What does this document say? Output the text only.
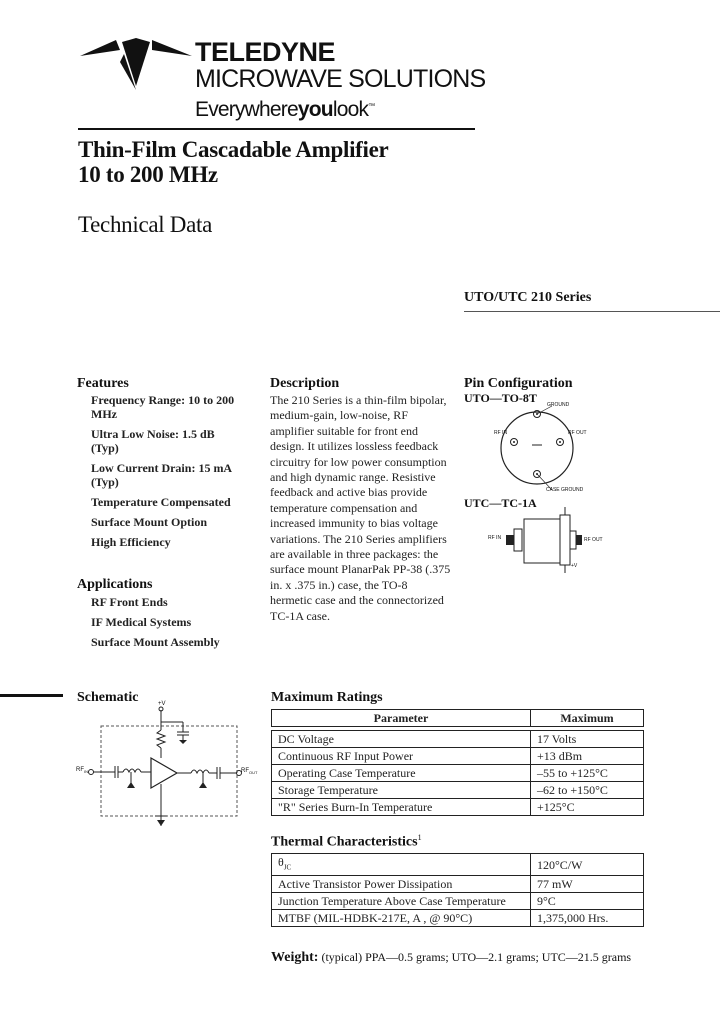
TELEDYNE
MICROWAVE SOLUTIONS
Everywhereyoulook™
Thin-Film Cascadable Amplifier
10 to 200 MHz
Technical Data
UTO/UTC 210 Series
Features
Frequency Range: 10 to 200 MHz
Ultra Low Noise: 1.5 dB (Typ)
Low Current Drain: 15 mA (Typ)
Temperature Compensated
Surface Mount Option
High Efficiency
Applications
RF Front Ends
IF Medical Systems
Surface Mount Assembly
Description
The 210 Series is a thin-film bipolar, medium-gain, low-noise, RF amplifier suitable for front end design. It utilizes lossless feedback circuitry for low power consumption and high dynamic range. Resistive feedback and active bias provide temperature compensation and increased immunity to bias voltage variations. The 210 Series amplifiers are available in three packages: the surface mount PlanarPak PP-38 (.375 in. x .375 in.) case, the TO-8 hermetic case and the connectorized TC-1A case.
Pin Configuration
UTO—TO-8T GROUND
RF IN	RF OUT
CASE GROUND
UTC—TC-1A
RF IN	RF OUT
+V
Schematic
$RF_{IN}$	$RF_{OUT}$
+V	Maximum Ratings
Parameter	Maximum

DC Voltage	17 Volts
Continuous RF Input Power	+13 dBm
Operating Case Temperature	–55 to +125°C
Storage Temperature	–62 to +150°C
"R" Series Burn-In Temperature	+125°C
Thermal Characteristics$^1$
$\theta_{JC}$	120°C/W
Active Transistor Power Dissipation	77 mW
Junction Temperature Above Case Temperature	9°C
MTBF (MIL-HDBK-217E, A , @ 90°C)	1,375,000 Hrs.
Weight: (typical) PPA—0.5 grams; UTO—2.1 grams; UTC—21.5 grams
